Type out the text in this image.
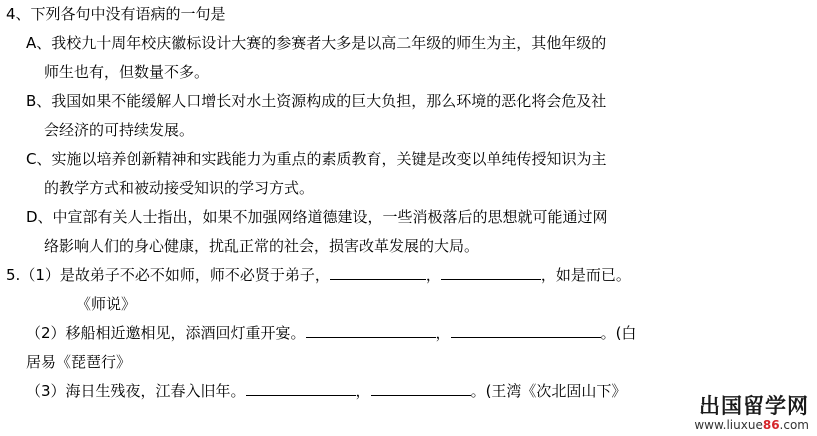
4、下列各句中没有语病的一句是
A、我校九十周年校庆徽标设计大赛的参赛者大多是以高二年级的师生为主，其他年级的
师生也有，但数量不多。
B、我国如果不能缓解人口增长对水土资源构成的巨大负担，那么环境的恶化将会危及社
会经济的可持续发展。
C、实施以培养创新精神和实践能力为重点的素质教育，关键是改变以单纯传授知识为主
的教学方式和被动接受知识的学习方式。
D、中宣部有关人士指出，如果不加强网络道德建设，一些消极落后的思想就可能通过网
络影响人们的身心健康，扰乱正常的社会，损害改革发展的大局。
5.（1）是故弟子不必不如师，师不必贤于弟子，	，	，如是而已。
《师说》
（2）移船相近邀相见，添酒回灯重开宴。	，	。(白
居易《琵琶行》
（3）海日生残夜，江春入旧年。	，	。(王湾《次北固山下》
出国留学网
www.liuxue86.com
